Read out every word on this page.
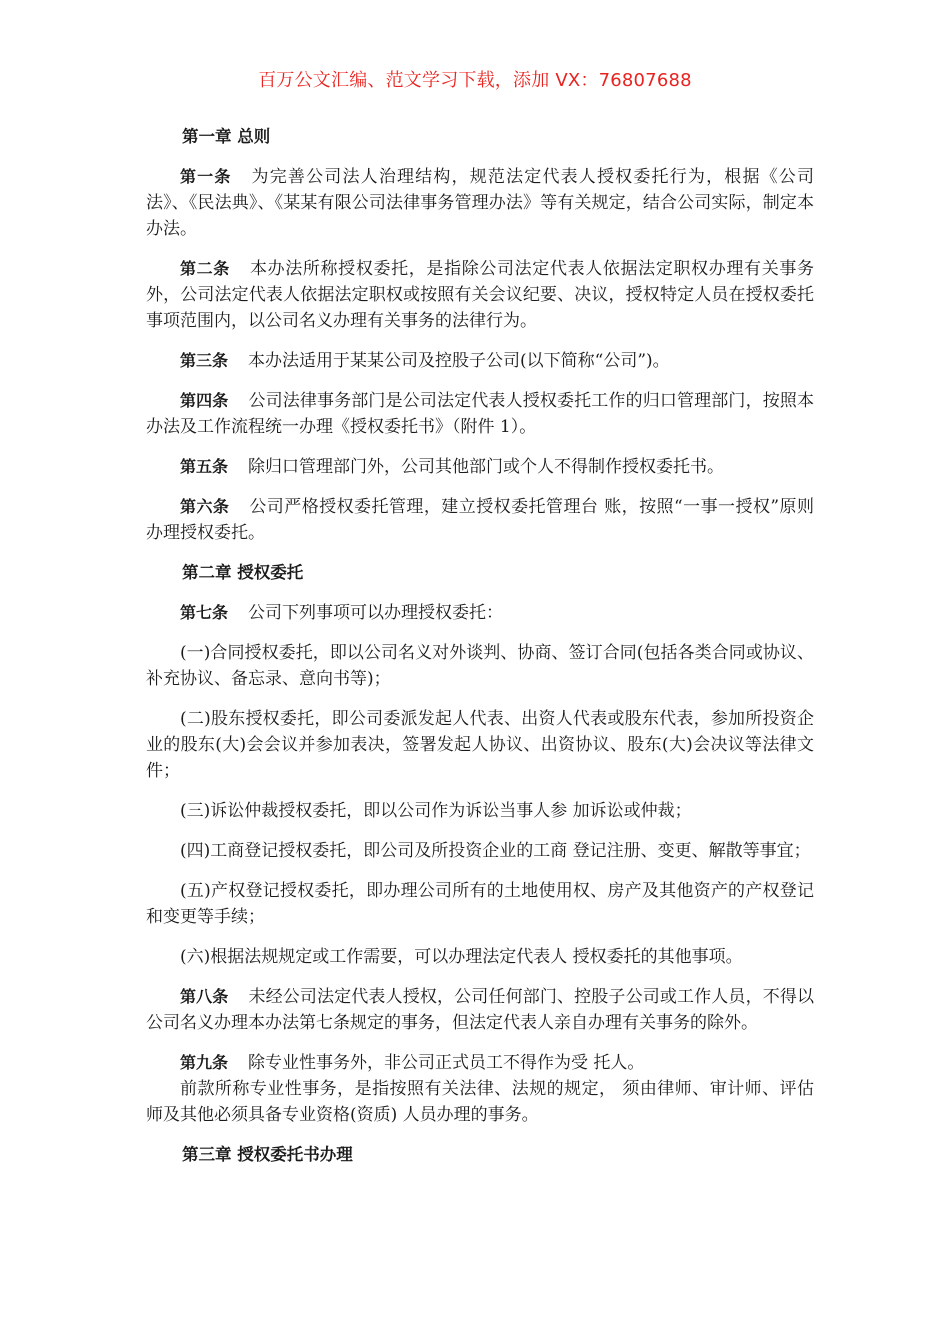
百万公文汇编、范文学习下载，添加 VX：76807688
第一章 总则

第一条 为完善公司法人治理结构，规范法定代表人授权委托行为，根据《公司法》、《民法典》、《某某有限公司法律事务管理办法》等有关规定，结合公司实际，制定本办法。

第二条 本办法所称授权委托，是指除公司法定代表人依据法定职权办理有关事务外，公司法定代表人依据法定职权或按照有关会议纪要、决议，授权特定人员在授权委托事项范围内，以公司名义办理有关事务的法律行为。

第三条 本办法适用于某某公司及控股子公司(以下简称“公司”)。

第四条 公司法律事务部门是公司法定代表人授权委托工作的归口管理部门，按照本办法及工作流程统一办理《授权委托书》（附件 1）。

第五条 除归口管理部门外，公司其他部门或个人不得制作授权委托书。

第六条 公司严格授权委托管理，建立授权委托管理台 账，按照“一事一授权”原则办理授权委托。

第二章 授权委托

第七条 公司下列事项可以办理授权委托：

(一)合同授权委托，即以公司名义对外谈判、协商、签订合同(包括各类合同或协议、补充协议、备忘录、意向书等)；

(二)股东授权委托，即公司委派发起人代表、出资人代表或股东代表，参加所投资企业的股东(大)会会议并参加表决，签署发起人协议、出资协议、股东(大)会决议等法律文件；

(三)诉讼仲裁授权委托，即以公司作为诉讼当事人参 加诉讼或仲裁；

(四)工商登记授权委托，即公司及所投资企业的工商 登记注册、变更、解散等事宜；

(五)产权登记授权委托，即办理公司所有的土地使用权、房产及其他资产的产权登记和变更等手续；

(六)根据法规规定或工作需要，可以办理法定代表人 授权委托的其他事项。

第八条 未经公司法定代表人授权，公司任何部门、控股子公司或工作人员，不得以公司名义办理本办法第七条规定的事务，但法定代表人亲自办理有关事务的除外。

第九条 除专业性事务外，非公司正式员工不得作为受 托人。

前款所称专业性事务，是指按照有关法律、法规的规定， 须由律师、审计师、评估师及其他必须具备专业资格(资质) 人员办理的事务。

第三章 授权委托书办理
